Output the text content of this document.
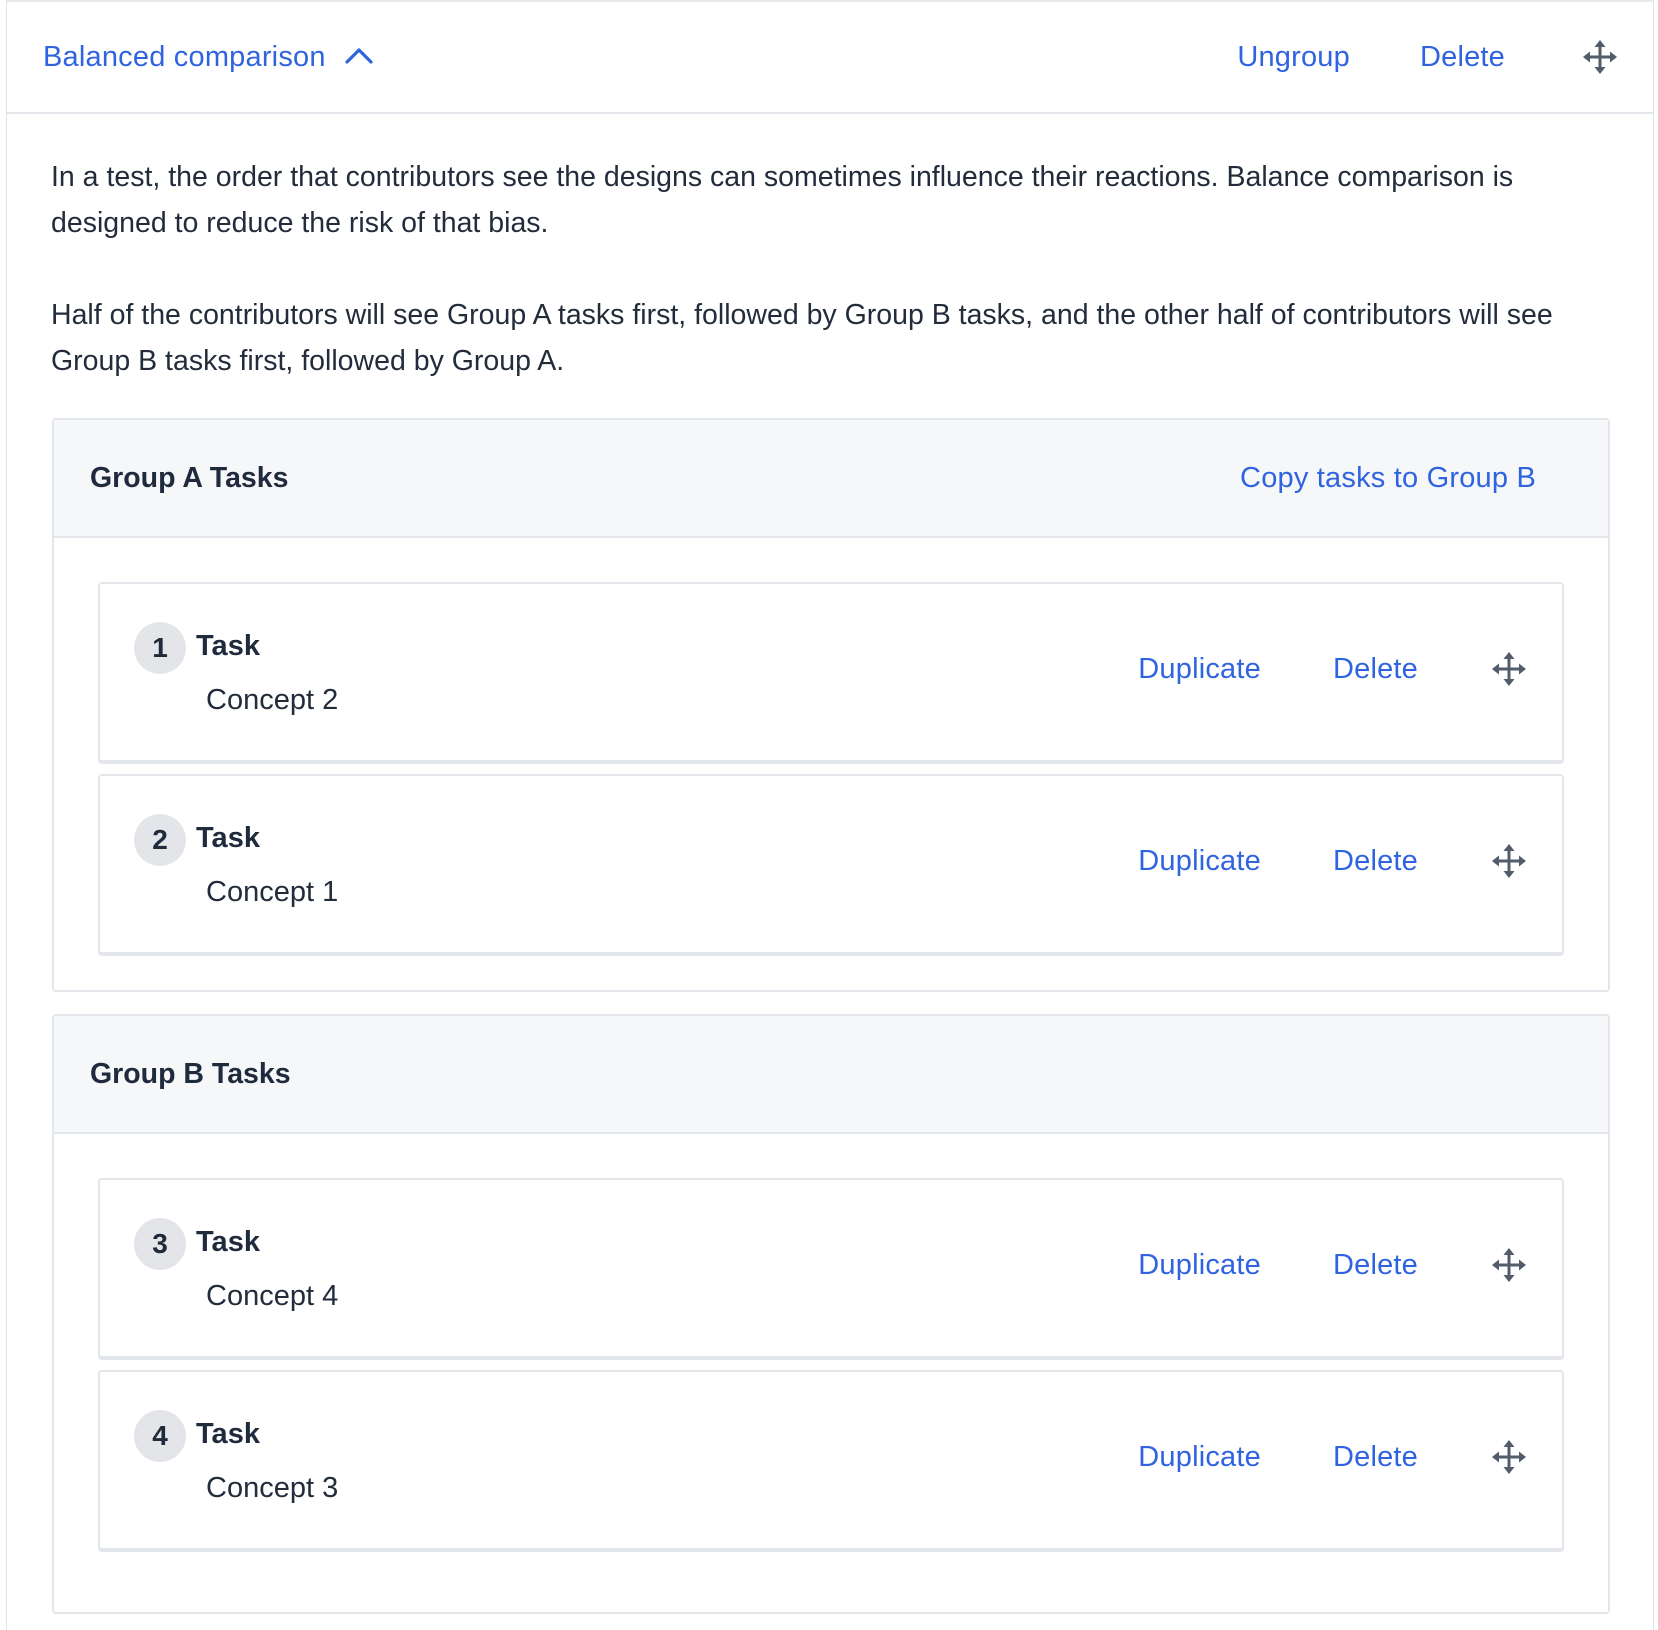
Balanced comparison	Ungroup Delete

In a test, the order that contributors see the designs can sometimes influence their reactions. Balance comparison is designed to reduce the risk of that bias.

Half of the contributors will see Group A tasks first, followed by Group B tasks, and the other half of contributors will see Group B tasks first, followed by Group A.

Group A Tasks	Copy tasks to Group B
1 Task
Concept 2
Duplicate Delete
2 Task
Concept 1
Duplicate Delete
Group B Tasks
3 Task
Concept 4
Duplicate Delete
4 Task
Concept 3
Duplicate Delete
